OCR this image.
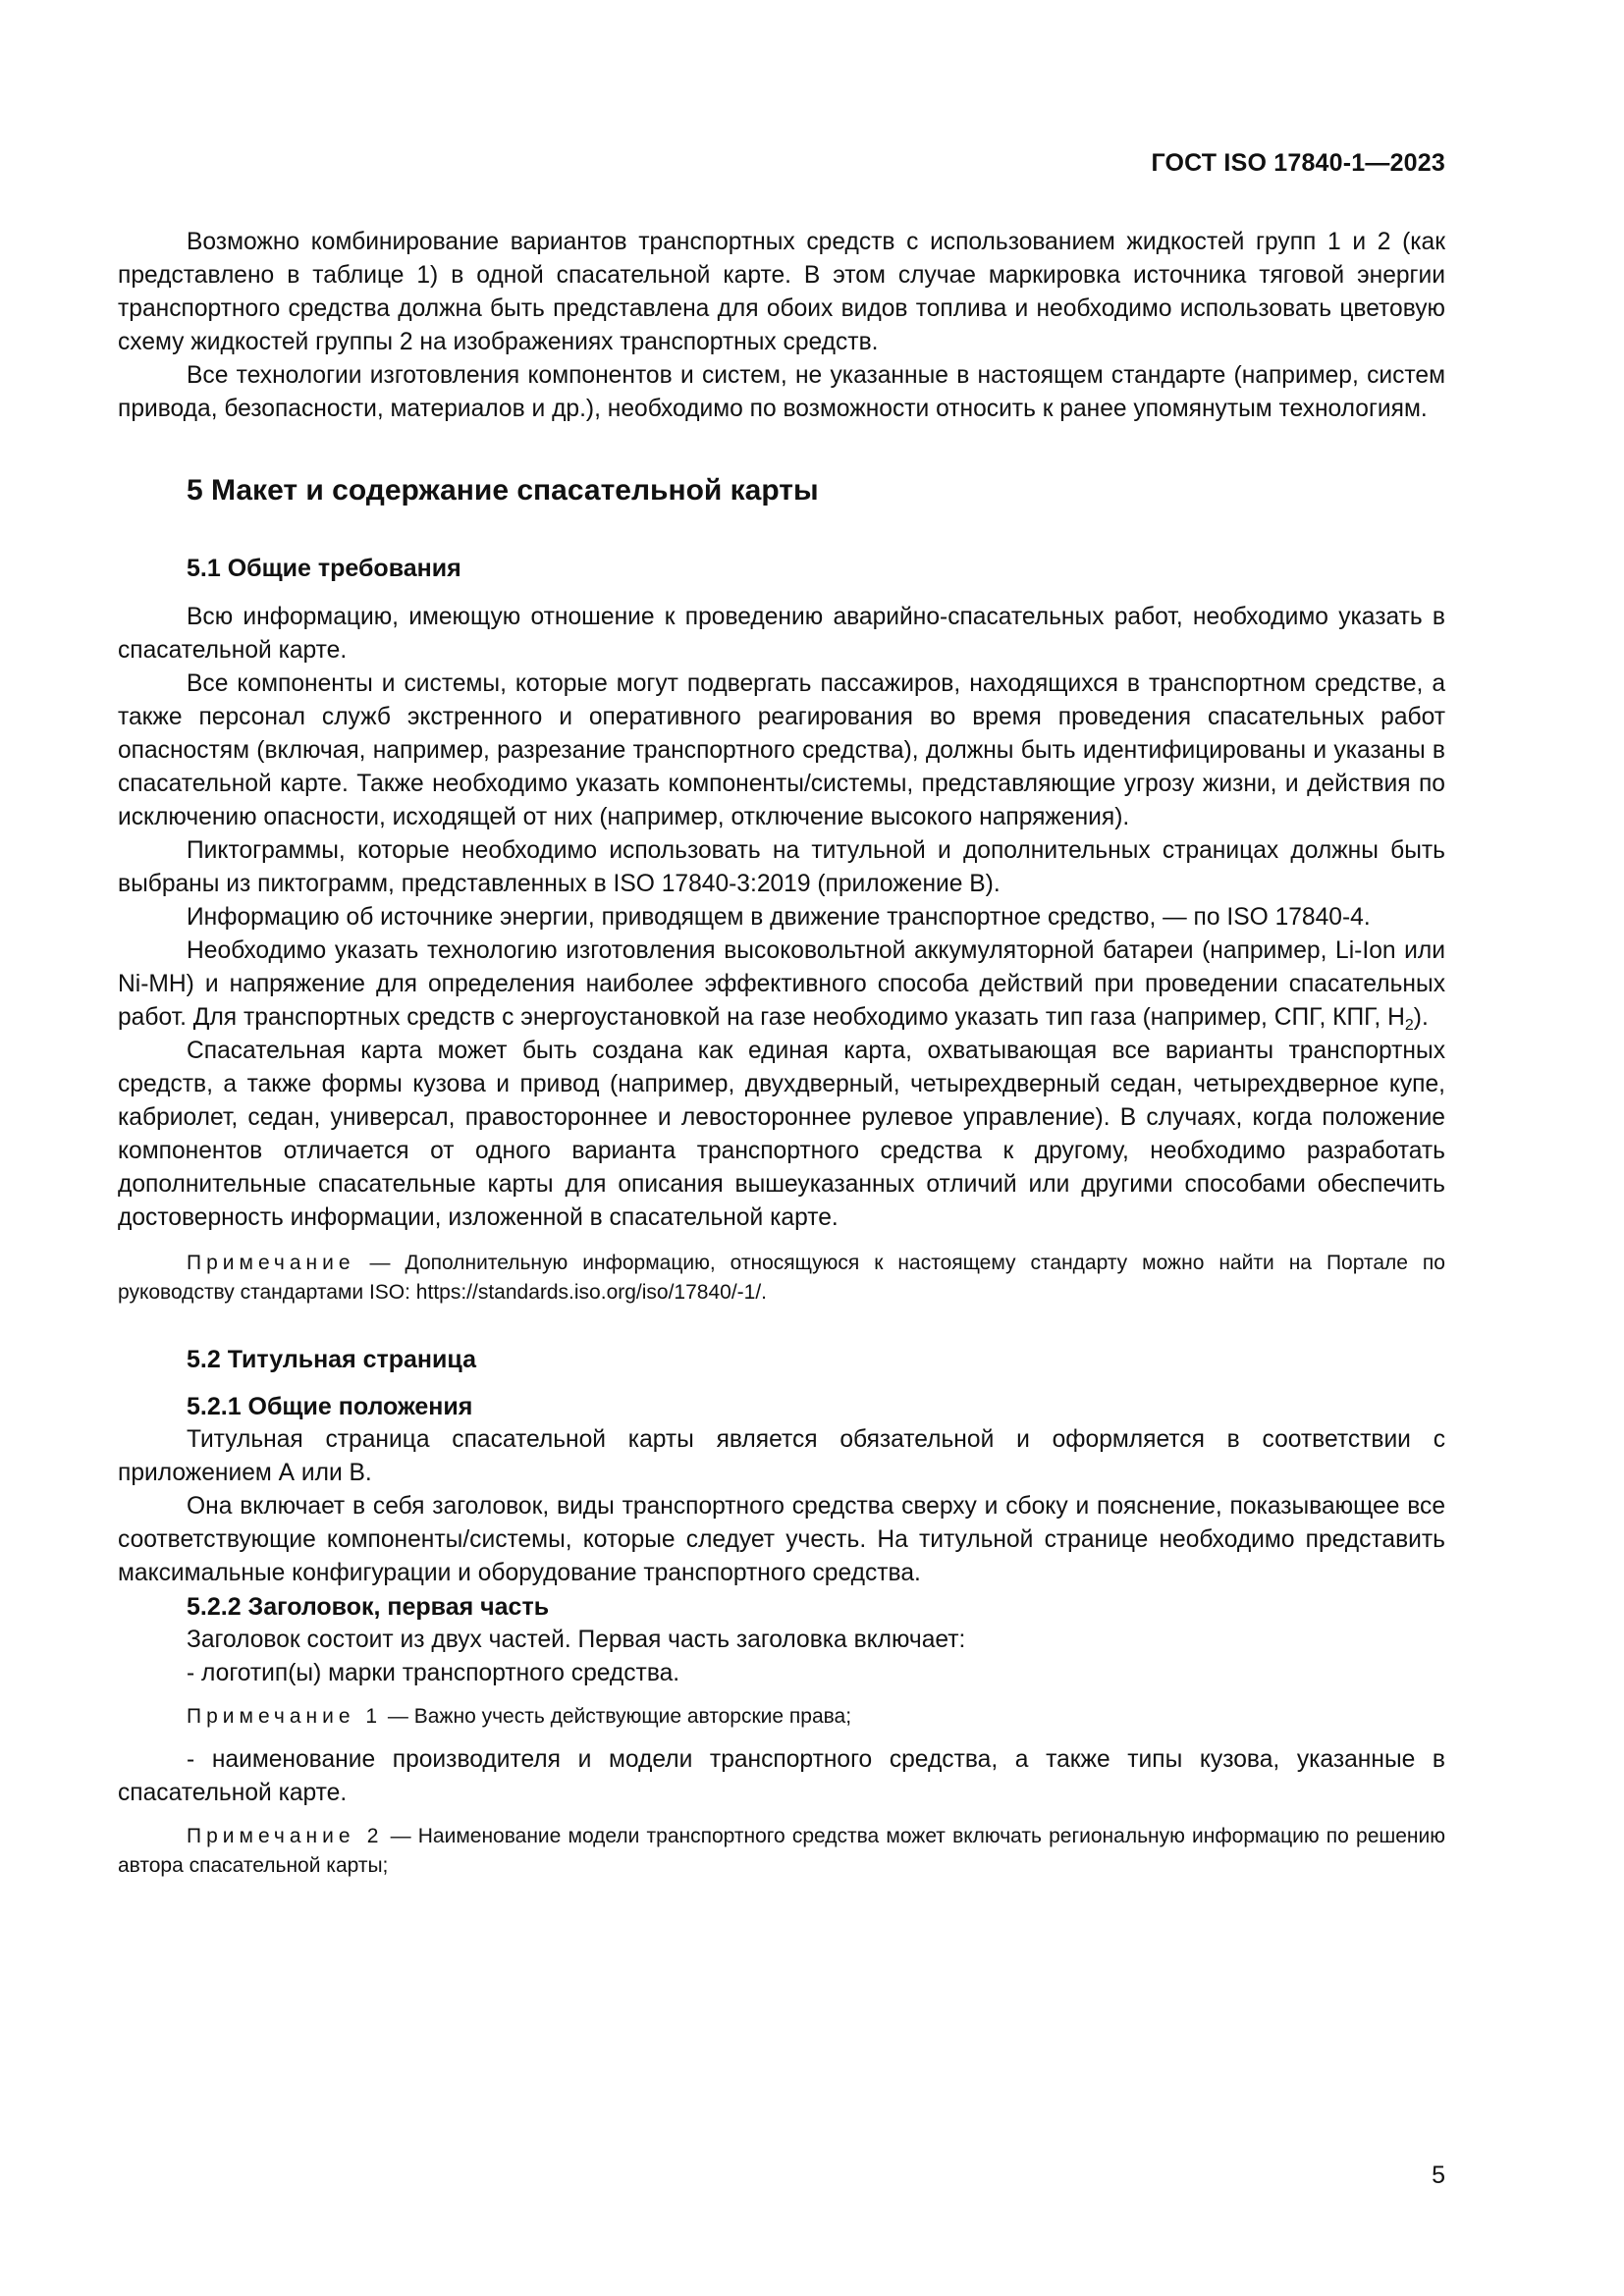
ГОСТ ISO 17840-1—2023

Возможно комбинирование вариантов транспортных средств с использованием жидкостей групп 1 и 2 (как представлено в таблице 1) в одной спасательной карте. В этом случае маркировка источника тяговой энергии транспортного средства должна быть представлена для обоих видов топлива и необходимо использовать цветовую схему жидкостей группы 2 на изображениях транспортных средств.

Все технологии изготовления компонентов и систем, не указанные в настоящем стандарте (например, систем привода, безопасности, материалов и др.), необходимо по возможности относить к ранее упомянутым технологиям.

5 Макет и содержание спасательной карты
5.1 Общие требования

Всю информацию, имеющую отношение к проведению аварийно-спасательных работ, необходимо указать в спасательной карте.

Все компоненты и системы, которые могут подвергать пассажиров, находящихся в транспортном средстве, а также персонал служб экстренного и оперативного реагирования во время проведения спасательных работ опасностям (включая, например, разрезание транспортного средства), должны быть идентифицированы и указаны в спасательной карте. Также необходимо указать компоненты/системы, представляющие угрозу жизни, и действия по исключению опасности, исходящей от них (например, отключение высокого напряжения).

Пиктограммы, которые необходимо использовать на титульной и дополнительных страницах должны быть выбраны из пиктограмм, представленных в ISO 17840-3:2019 (приложение В).

Информацию об источнике энергии, приводящем в движение транспортное средство, — по ISO 17840-4.

Необходимо указать технологию изготовления высоковольтной аккумуляторной батареи (например, Li-Ion или Ni-MH) и напряжение для определения наиболее эффективного способа действий при проведении спасательных работ. Для транспортных средств с энергоустановкой на газе необходимо указать тип газа (например, СПГ, КПГ, $H_2$).

Спасательная карта может быть создана как единая карта, охватывающая все варианты транспортных средств, а также формы кузова и привод (например, двухдверный, четырехдверный седан, четырехдверное купе, кабриолет, седан, универсал, правостороннее и левостороннее рулевое управление). В случаях, когда положение компонентов отличается от одного варианта транспортного средства к другому, необходимо разработать дополнительные спасательные карты для описания вышеуказанных отличий или другими способами обеспечить достоверность информации, изложенной в спасательной карте.

Примечание — Дополнительную информацию, относящуюся к настоящему стандарту можно найти на Портале по руководству стандартами ISO: https://standards.iso.org/iso/17840/-1/.

5.2 Титульная страница
5.2.1 Общие положения

Титульная страница спасательной карты является обязательной и оформляется в соответствии с приложением А или В.

Она включает в себя заголовок, виды транспортного средства сверху и сбоку и пояснение, показывающее все соответствующие компоненты/системы, которые следует учесть. На титульной странице необходимо представить максимальные конфигурации и оборудование транспортного средства.

5.2.2 Заголовок, первая часть

Заголовок состоит из двух частей. Первая часть заголовка включает:

- логотип(ы) марки транспортного средства.

Примечание 1 — Важно учесть действующие авторские права;

- наименование производителя и модели транспортного средства, а также типы кузова, указанные в спасательной карте.

Примечание 2 — Наименование модели транспортного средства может включать региональную информацию по решению автора спасательной карты;

5
